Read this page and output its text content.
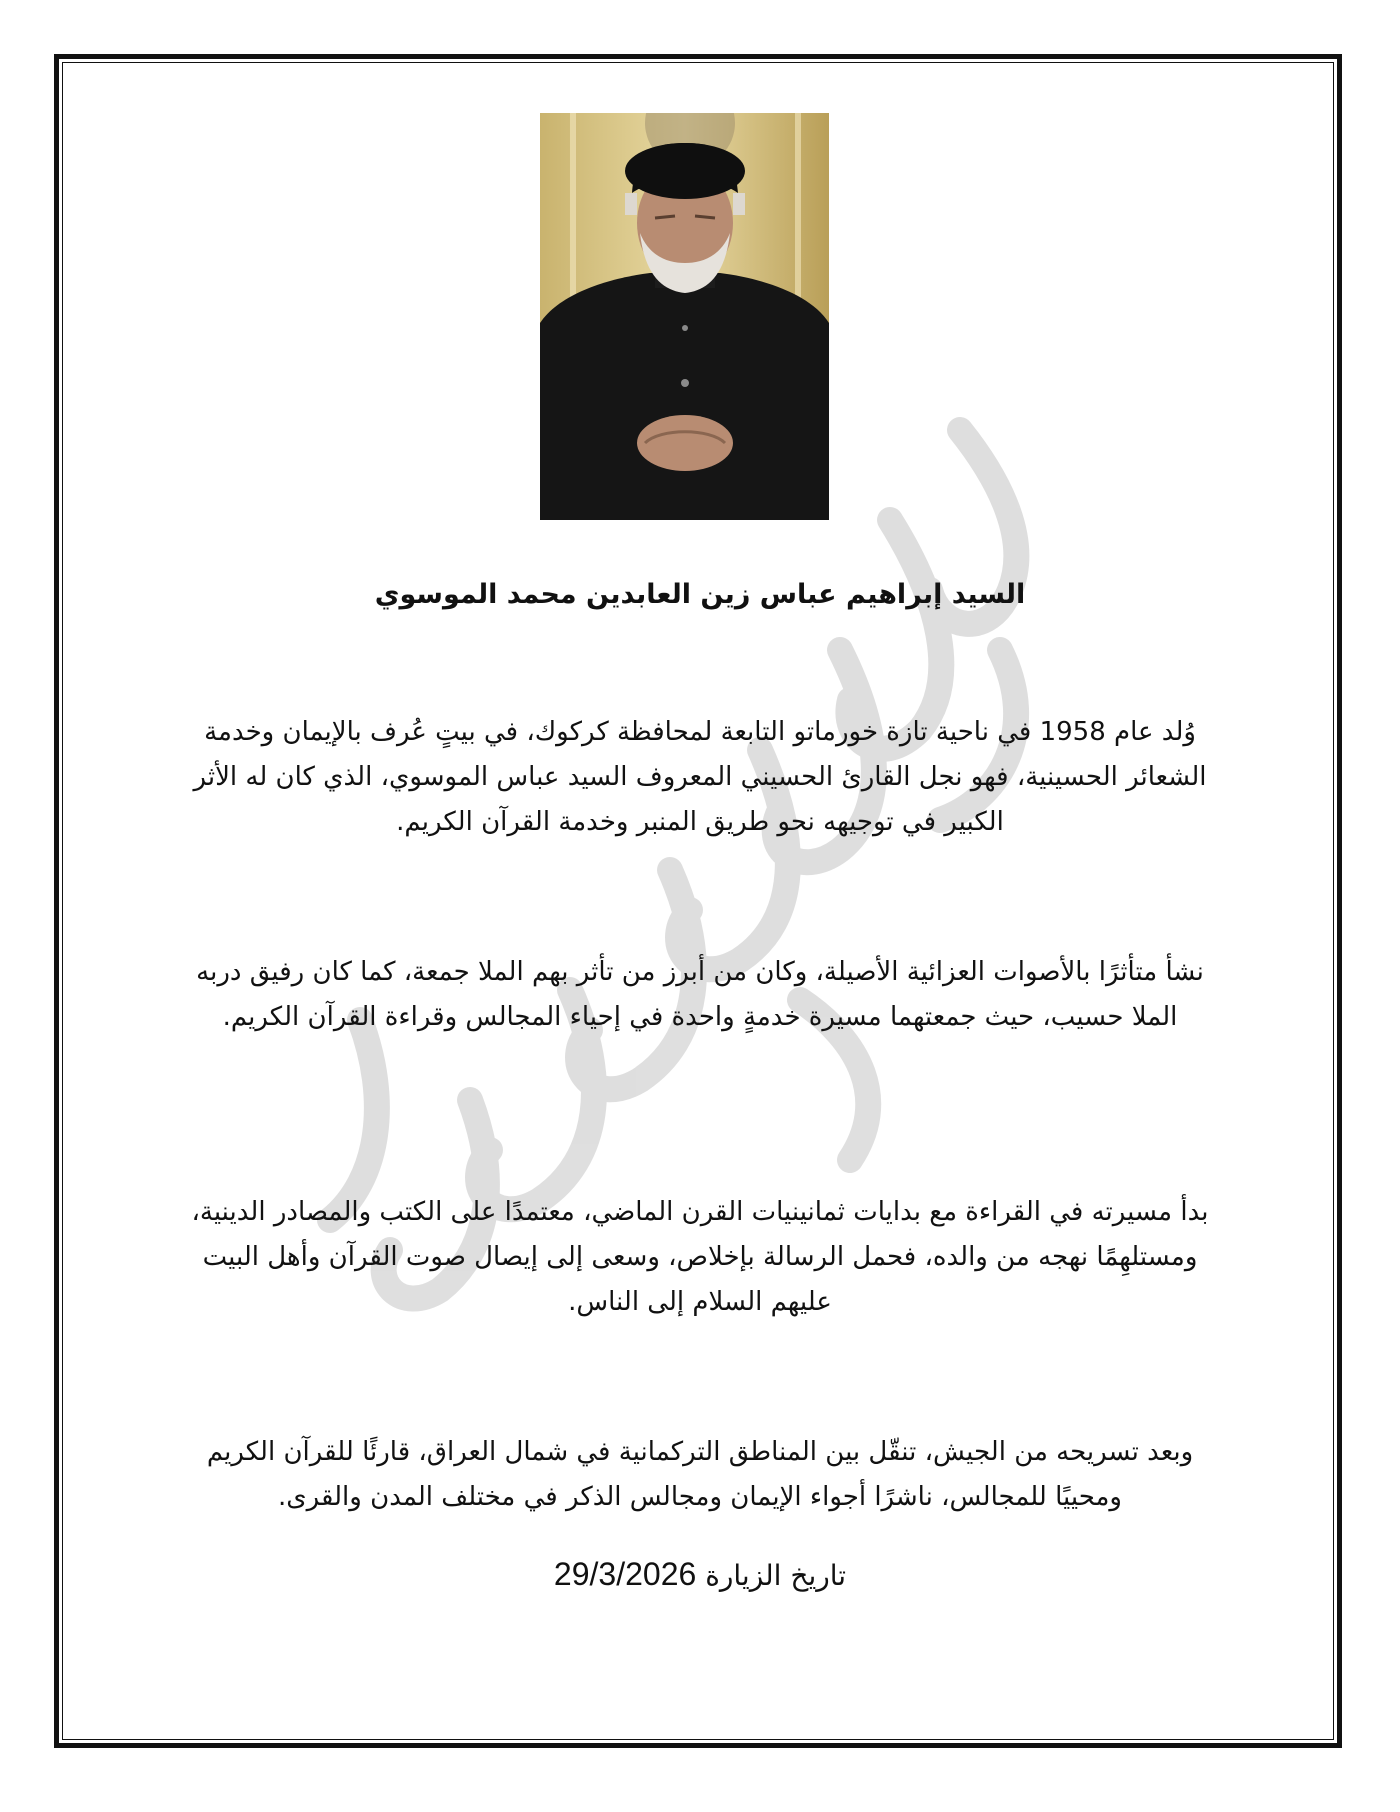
السيد إبراهيم عباس زين العابدين محمد الموسوي
وُلد عام 1958 في ناحية تازة خورماتو التابعة لمحافظة كركوك، في بيتٍ عُرف بالإيمان وخدمة الشعائر الحسينية، فهو نجل القارئ الحسيني المعروف السيد عباس الموسوي، الذي كان له الأثر الكبير في توجيهه نحو طريق المنبر وخدمة القرآن الكريم.
نشأ متأثرًا بالأصوات العزائية الأصيلة، وكان من أبرز من تأثر بهم الملا جمعة، كما كان رفيق دربه الملا حسيب، حيث جمعتهما مسيرة خدمةٍ واحدة في إحياء المجالس وقراءة القرآن الكريم.
بدأ مسيرته في القراءة مع بدايات ثمانينيات القرن الماضي، معتمدًا على الكتب والمصادر الدينية، ومستلهِمًا نهجه من والده، فحمل الرسالة بإخلاص، وسعى إلى إيصال صوت القرآن وأهل البيت عليهم السلام إلى الناس.
وبعد تسريحه من الجيش، تنقّل بين المناطق التركمانية في شمال العراق، قارئًا للقرآن الكريم ومحييًا للمجالس، ناشرًا أجواء الإيمان ومجالس الذكر في مختلف المدن والقرى.
تاريخ الزيارة 29/3/2026
